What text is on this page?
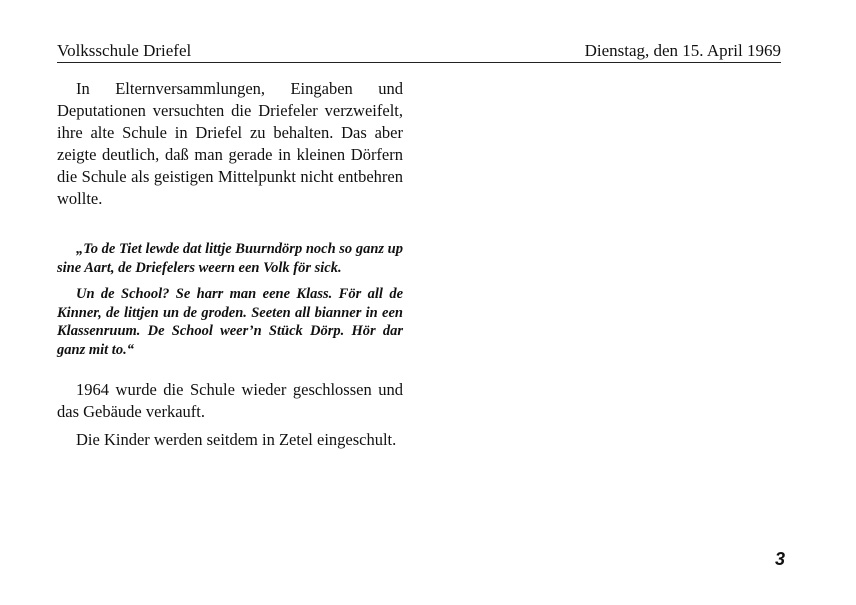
Volksschule Driefel	Dienstag, den 15. April 1969

In Elternversammlungen, Eingaben und Deputationen versuchten die Driefeler verzweifelt, ihre alte Schule in Driefel zu behalten. Das aber zeigte deutlich, daß man gerade in kleinen Dörfern die Schule als geistigen Mittelpunkt nicht entbehren wollte.

„To de Tiet lewde dat littje Buurndörp noch so ganz up sine Aart, de Driefelers weern een Volk för sick.

Un de School? Se harr man eene Klass. För all de Kinner, de littjen un de groden. Seeten all bianner in een Klassenruum. De School weer’n Stück Dörp. Hör dar ganz mit to.“

1964 wurde die Schule wieder geschlossen und das Gebäude verkauft.

Die Kinder werden seitdem in Zetel eingeschult.

3
